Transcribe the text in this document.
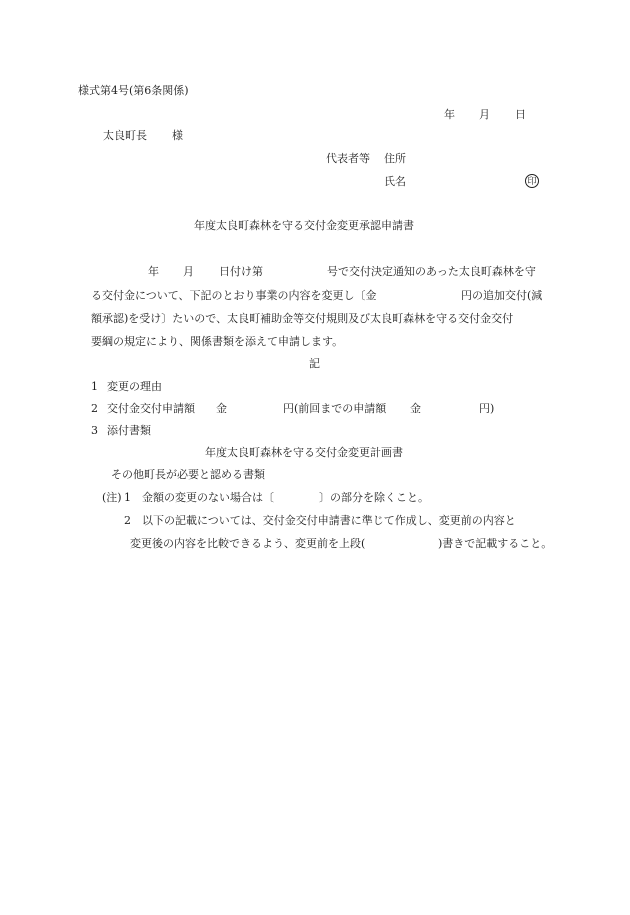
様式第4号(第6条関係)
年 月 日
太良町長 様
代表者等 住所
氏名	印
年度太良町森林を守る交付金変更承認申請書
年 月 日付け第	号で交付決定通知のあった太良町森林を守
る交付金について、下記のとおり事業の内容を変更し〔金	円の追加交付(減
額承認)を受け〕たいので、太良町補助金等交付規則及び太良町森林を守る交付金交付
要綱の規定により、関係書類を添えて申請します。
記
1 変更の理由
2 交付金交付申請額 金	円(前回までの申請額 金	円)
3 添付書類
年度太良町森林を守る交付金変更計画書
その他町長が必要と認める書類
(注) 1 金額の変更のない場合は〔	〕の部分を除くこと。
2 以下の記載については、交付金交付申請書に準じて作成し、変更前の内容と
変更後の内容を比較できるよう、変更前を上段(	)書きで記載すること。
